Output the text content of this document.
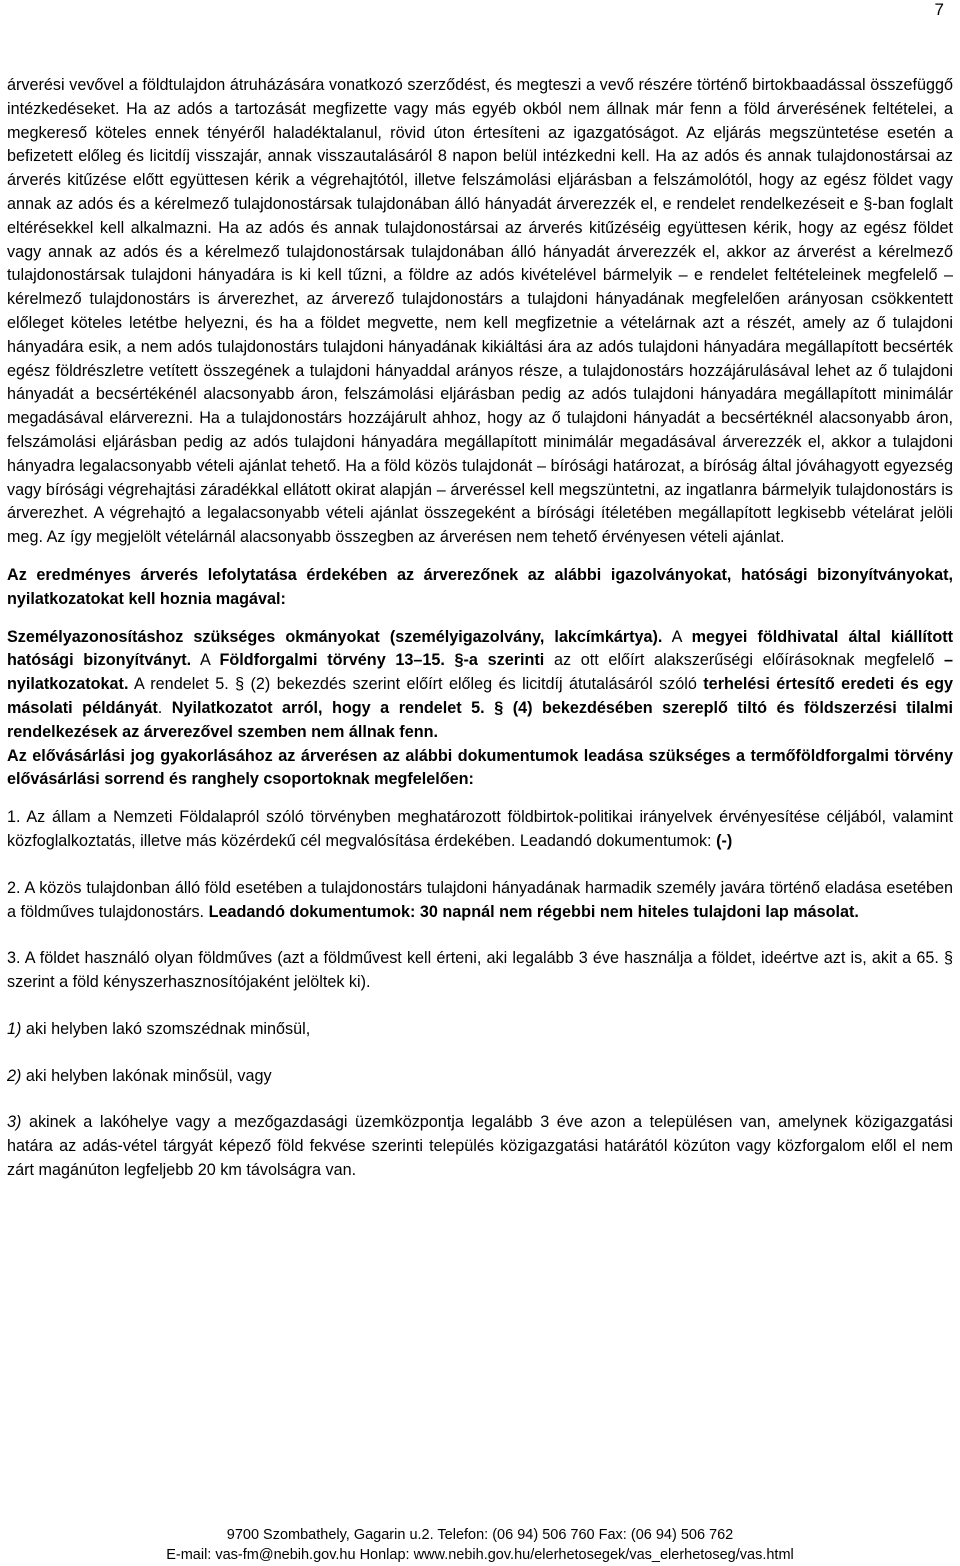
7

árverési vevővel a földtulajdon átruházására vonatkozó szerződést, és megteszi a vevő részére történő birtokbaadással összefüggő intézkedéseket. Ha az adós a tartozását megfizette vagy más egyéb okból nem állnak már fenn a föld árverésének feltételei, a megkereső köteles ennek tényéről haladéktalanul, rövid úton értesíteni az igazgatóságot. Az eljárás megszüntetése esetén a befizetett előleg és licitdíj visszajár, annak visszautalásáról 8 napon belül intézkedni kell. Ha az adós és annak tulajdonostársai az árverés kitűzése előtt együttesen kérik a végrehajtótól, illetve felszámolási eljárásban a felszámolótól, hogy az egész földet vagy annak az adós és a kérelmező tulajdonostársak tulajdonában álló hányadát árverezzék el, e rendelet rendelkezéseit e §-ban foglalt eltérésekkel kell alkalmazni. Ha az adós és annak tulajdonostársai az árverés kitűzéséig együttesen kérik, hogy az egész földet vagy annak az adós és a kérelmező tulajdonostársak tulajdonában álló hányadát árverezzék el, akkor az árverést a kérelmező tulajdonostársak tulajdoni hányadára is ki kell tűzni, a földre az adós kivételével bármelyik – e rendelet feltételeinek megfelelő – kérelmező tulajdonostárs is árverezhet, az árverező tulajdonostárs a tulajdoni hányadának megfelelően arányosan csökkentett előleget köteles letétbe helyezni, és ha a földet megvette, nem kell megfizetnie a vételárnak azt a részét, amely az ő tulajdoni hányadára esik, a nem adós tulajdonostárs tulajdoni hányadának kikiáltási ára az adós tulajdoni hányadára megállapított becsérték egész földrészletre vetített összegének a tulajdoni hányaddal arányos része, a tulajdonostárs hozzájárulásával lehet az ő tulajdoni hányadát a becsértékénél alacsonyabb áron, felszámolási eljárásban pedig az adós tulajdoni hányadára megállapított minimálár megadásával elárverezni. Ha a tulajdonostárs hozzájárult ahhoz, hogy az ő tulajdoni hányadát a becsértéknél alacsonyabb áron, felszámolási eljárásban pedig az adós tulajdoni hányadára megállapított minimálár megadásával árverezzék el, akkor a tulajdoni hányadra legalacsonyabb vételi ajánlat tehető. Ha a föld közös tulajdonát – bírósági határozat, a bíróság által jóváhagyott egyezség vagy bírósági végrehajtási záradékkal ellátott okirat alapján – árveréssel kell megszüntetni, az ingatlanra bármelyik tulajdonostárs is árverezhet. A végrehajtó a legalacsonyabb vételi ajánlat összegeként a bírósági ítéletében megállapított legkisebb vételárat jelöli meg. Az így megjelölt vételárnál alacsonyabb összegben az árverésen nem tehető érvényesen vételi ajánlat.

Az eredményes árverés lefolytatása érdekében az árverezőnek az alábbi igazolványokat, hatósági bizonyítványokat, nyilatkozatokat kell hoznia magával:

Személyazonosításhoz szükséges okmányokat (személyigazolvány, lakcímkártya). A megyei földhivatal által kiállított hatósági bizonyítványt. A Földforgalmi törvény 13–15. §-a szerinti az ott előírt alakszerűségi előírásoknak megfelelő – nyilatkozatokat. A rendelet 5. § (2) bekezdés szerint előírt előleg és licitdíj átutalásáról szóló terhelési értesítő eredeti és egy másolati példányát. Nyilatkozatot arról, hogy a rendelet 5. § (4) bekezdésében szereplő tiltó és földszerzési tilalmi rendelkezések az árverezővel szemben nem állnak fenn.

Az elővásárlási jog gyakorlásához az árverésen az alábbi dokumentumok leadása szükséges a termőföldforgalmi törvény elővásárlási sorrend és ranghely csoportoknak megfelelően:

1. Az állam a Nemzeti Földalapról szóló törvényben meghatározott földbirtok-politikai irányelvek érvényesítése céljából, valamint közfoglalkoztatás, illetve más közérdekű cél megvalósítása érdekében. Leadandó dokumentumok: (-)

2. A közös tulajdonban álló föld esetében a tulajdonostárs tulajdoni hányadának harmadik személy javára történő eladása esetében a földműves tulajdonostárs. Leadandó dokumentumok: 30 napnál nem régebbi nem hiteles tulajdoni lap másolat.

3. A földet használó olyan földműves (azt a földművest kell érteni, aki legalább 3 éve használja a földet, ideértve azt is, akit a 65. § szerint a föld kényszerhasznosítójaként jelöltek ki).

1) aki helyben lakó szomszédnak minősül,

2) aki helyben lakónak minősül, vagy

3) akinek a lakóhelye vagy a mezőgazdasági üzemközpontja legalább 3 éve azon a településen van, amelynek közigazgatási határa az adás-vétel tárgyát képező föld fekvése szerinti település közigazgatási határától közúton vagy közforgalom elől el nem zárt magánúton legfeljebb 20 km távolságra van.

9700 Szombathely, Gagarin u.2. Telefon: (06 94) 506 760 Fax: (06 94) 506 762
E-mail: vas-fm@nebih.gov.hu Honlap: www.nebih.gov.hu/elerhetosegek/vas_elerhetoseg/vas.html
